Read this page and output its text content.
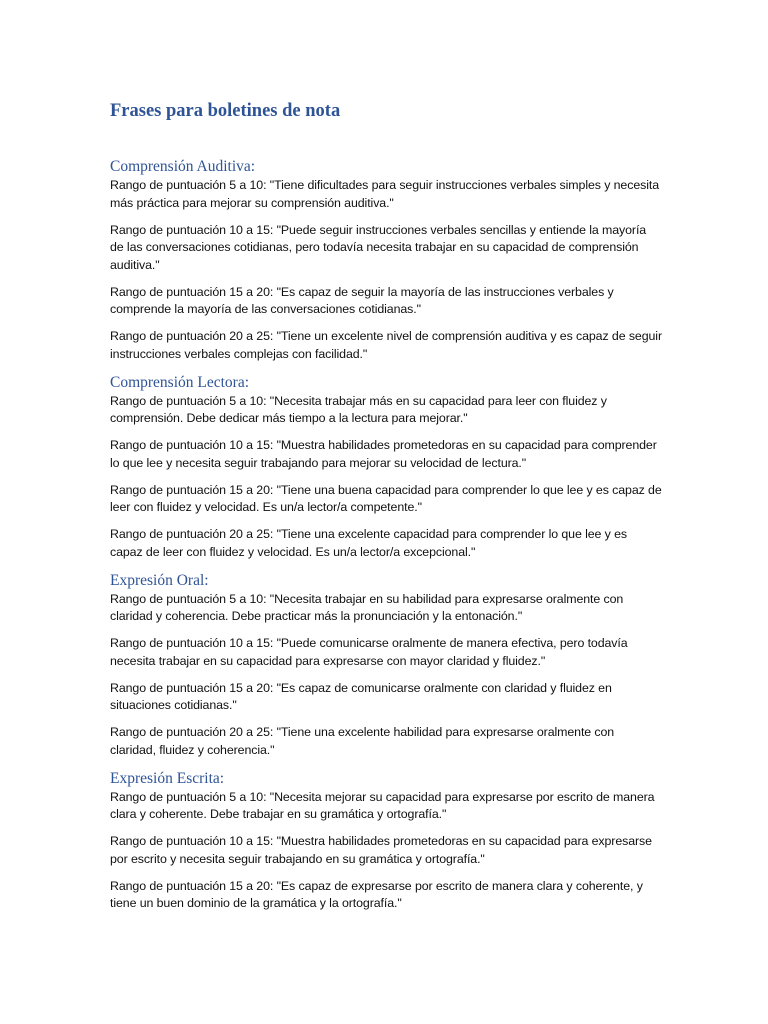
Frases para boletines de nota
Comprensión Auditiva:

Rango de puntuación 5 a 10: "Tiene dificultades para seguir instrucciones verbales simples y necesita más práctica para mejorar su comprensión auditiva."

Rango de puntuación 10 a 15: "Puede seguir instrucciones verbales sencillas y entiende la mayoría de las conversaciones cotidianas, pero todavía necesita trabajar en su capacidad de comprensión auditiva."

Rango de puntuación 15 a 20: "Es capaz de seguir la mayoría de las instrucciones verbales y comprende la mayoría de las conversaciones cotidianas."

Rango de puntuación 20 a 25: "Tiene un excelente nivel de comprensión auditiva y es capaz de seguir instrucciones verbales complejas con facilidad."

Comprensión Lectora:

Rango de puntuación 5 a 10: "Necesita trabajar más en su capacidad para leer con fluidez y comprensión. Debe dedicar más tiempo a la lectura para mejorar."

Rango de puntuación 10 a 15: "Muestra habilidades prometedoras en su capacidad para comprender lo que lee y necesita seguir trabajando para mejorar su velocidad de lectura."

Rango de puntuación 15 a 20: "Tiene una buena capacidad para comprender lo que lee y es capaz de leer con fluidez y velocidad. Es un/a lector/a competente."

Rango de puntuación 20 a 25: "Tiene una excelente capacidad para comprender lo que lee y es capaz de leer con fluidez y velocidad. Es un/a lector/a excepcional."

Expresión Oral:

Rango de puntuación 5 a 10: "Necesita trabajar en su habilidad para expresarse oralmente con claridad y coherencia. Debe practicar más la pronunciación y la entonación."

Rango de puntuación 10 a 15: "Puede comunicarse oralmente de manera efectiva, pero todavía necesita trabajar en su capacidad para expresarse con mayor claridad y fluidez."

Rango de puntuación 15 a 20: "Es capaz de comunicarse oralmente con claridad y fluidez en situaciones cotidianas."

Rango de puntuación 20 a 25: "Tiene una excelente habilidad para expresarse oralmente con claridad, fluidez y coherencia."

Expresión Escrita:

Rango de puntuación 5 a 10: "Necesita mejorar su capacidad para expresarse por escrito de manera clara y coherente. Debe trabajar en su gramática y ortografía."

Rango de puntuación 10 a 15: "Muestra habilidades prometedoras en su capacidad para expresarse por escrito y necesita seguir trabajando en su gramática y ortografía."

Rango de puntuación 15 a 20: "Es capaz de expresarse por escrito de manera clara y coherente, y tiene un buen dominio de la gramática y la ortografía."
